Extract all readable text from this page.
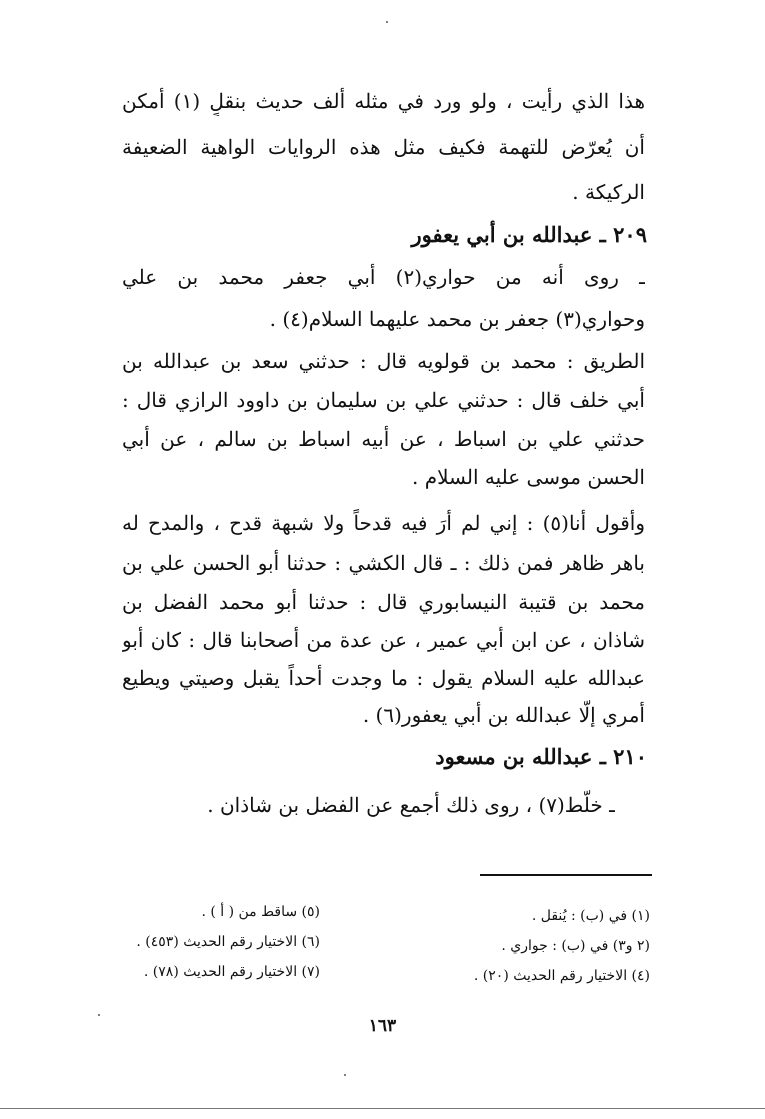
هذا الذي رأيت ، ولو ورد في مثله ألف حديث بنقلٍ (١) أمكن
أن يُعرّض للتهمة فكيف مثل هذه الروايات الواهية الضعيفة
الركيكة .
٢٠٩ ـ عبدالله بن أبي يعفور
ـ روى أنه من حواري(٢) أبي جعفر محمد بن علي
وحواري(٣) جعفر بن محمد عليهما السلام(٤) .
الطريق : محمد بن قولويه قال : حدثني سعد بن عبدالله بن
أبي خلف قال : حدثني علي بن سليمان بن داوود الرازي قال :
حدثني علي بن اسباط ، عن أبيه اسباط بن سالم ، عن أبي
الحسن موسى عليه السلام .
وأقول أنا(٥) : إني لم أرَ فيه قدحاً ولا شبهة قدح ، والمدح له
باهر ظاهر فمن ذلك : ـ قال الكشي : حدثنا أبو الحسن علي بن
محمد بن قتيبة النيسابوري قال : حدثنا أبو محمد الفضل بن
شاذان ، عن ابن أبي عمير ، عن عدة من أصحابنا قال : كان أبو
عبدالله عليه السلام يقول : ما وجدت أحداً يقبل وصيتي ويطيع
أمري إلّا عبدالله بن أبي يعفور(٦) .
٢١٠ ـ عبدالله بن مسعود
ـ خلّط(٧) ، روى ذلك أجمع عن الفضل بن شاذان .
(١) في (ب) : يُنقل .
(٢ و٣) في (ب) : جواري .
(٤) الاختيار رقم الحديث (٢٠) .
(٥) ساقط من ( أ ) .
(٦) الاختيار رقم الحديث (٤٥٣) .
(٧) الاختيار رقم الحديث (٧٨) .
١٦٣
